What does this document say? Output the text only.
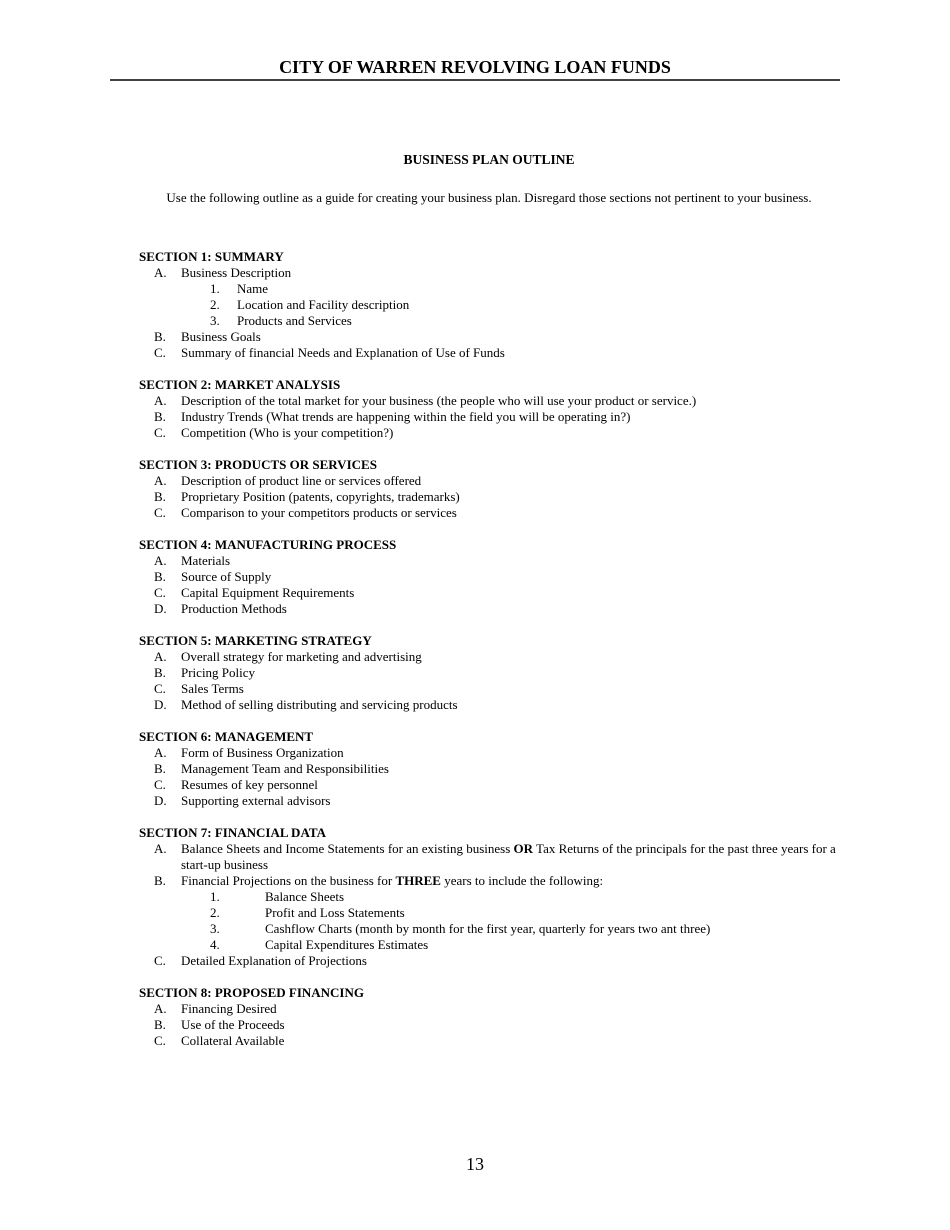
CITY OF WARREN REVOLVING LOAN FUNDS
BUSINESS PLAN OUTLINE
Use the following outline as a guide for creating your business plan. Disregard those sections not pertinent to your business.
SECTION 1: SUMMARY
A. Business Description
1. Name
2. Location and Facility description
3. Products and Services
B. Business Goals
C. Summary of financial Needs and Explanation of Use of Funds
SECTION 2: MARKET ANALYSIS
A. Description of the total market for your business (the people who will use your product or service.)
B. Industry Trends (What trends are happening within the field you will be operating in?)
C. Competition (Who is your competition?)
SECTION 3: PRODUCTS OR SERVICES
A. Description of product line or services offered
B. Proprietary Position (patents, copyrights, trademarks)
C. Comparison to your competitors products or services
SECTION 4: MANUFACTURING PROCESS
A. Materials
B. Source of Supply
C. Capital Equipment Requirements
D. Production Methods
SECTION 5: MARKETING STRATEGY
A. Overall strategy for marketing and advertising
B. Pricing Policy
C. Sales Terms
D. Method of selling distributing and servicing products
SECTION 6: MANAGEMENT
A. Form of Business Organization
B. Management Team and Responsibilities
C. Resumes of key personnel
D. Supporting external advisors
SECTION 7: FINANCIAL DATA
A. Balance Sheets and Income Statements for an existing business OR Tax Returns of the principals for the past three years for a start-up business
B. Financial Projections on the business for THREE years to include the following:
1.	Balance Sheets
2.	Profit and Loss Statements
3.	Cashflow Charts (month by month for the first year, quarterly for years two ant three)
4.	Capital Expenditures Estimates
C. Detailed Explanation of Projections
SECTION 8: PROPOSED FINANCING
A. Financing Desired
B. Use of the Proceeds
C. Collateral Available
13
